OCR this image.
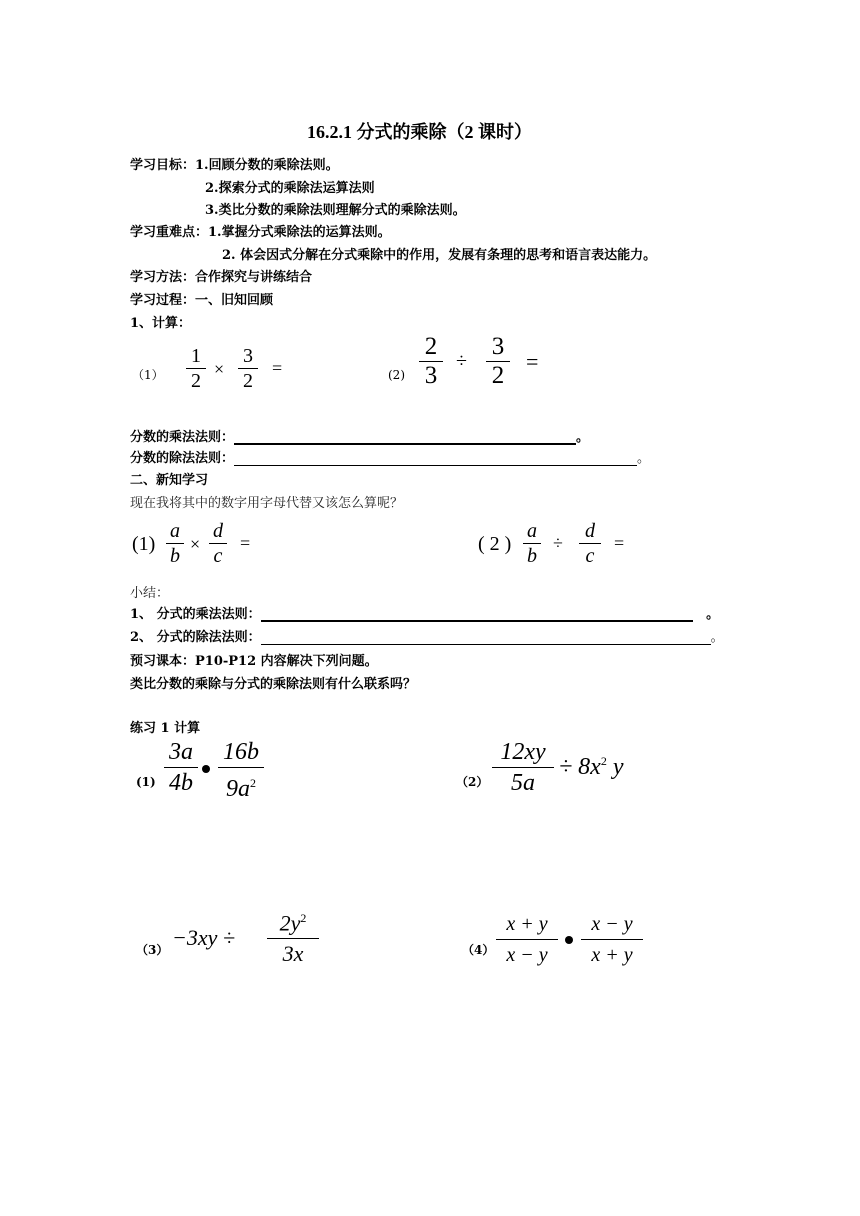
16.2.1 分式的乘除（2 课时）
学习目标：1.回顾分数的乘除法则。
2.探索分式的乘除法运算法则
3.类比分数的乘除法则理解分式的乘除法则。
学习重难点：1.掌握分式乘除法的运算法则。
2. 体会因式分解在分式乘除中的作用，发展有条理的思考和语言表达能力。
学习方法：合作探究与讲练结合
学习过程：一、旧知回顾
1、计算：
（1）
1
2
×
3
2
=	(2)
2
3
÷
3
2
=
分数的乘法法则：	。
分数的除法法则：	。
二、新知学习
现在我将其中的数字用字母代替又该怎么算呢？
(1)
a
b
×
d
c
=	( 2 )
a
b
÷
d
c
=
小结：
1、 分式的乘法法则：	。
2、 分式的除法法则：	。
预习课本：P10-P12 内容解决下列问题。
类比分数的乘除与分式的乘除法则有什么联系吗？
练习 1 计算
(1)
3a
4b
16b
$9a^2$	（2）
12xy
5a
÷ $8x^2$ y
（3） −3xy ÷
$2y^2$
3x	（4）
x + y
x − y
x − y
x + y
